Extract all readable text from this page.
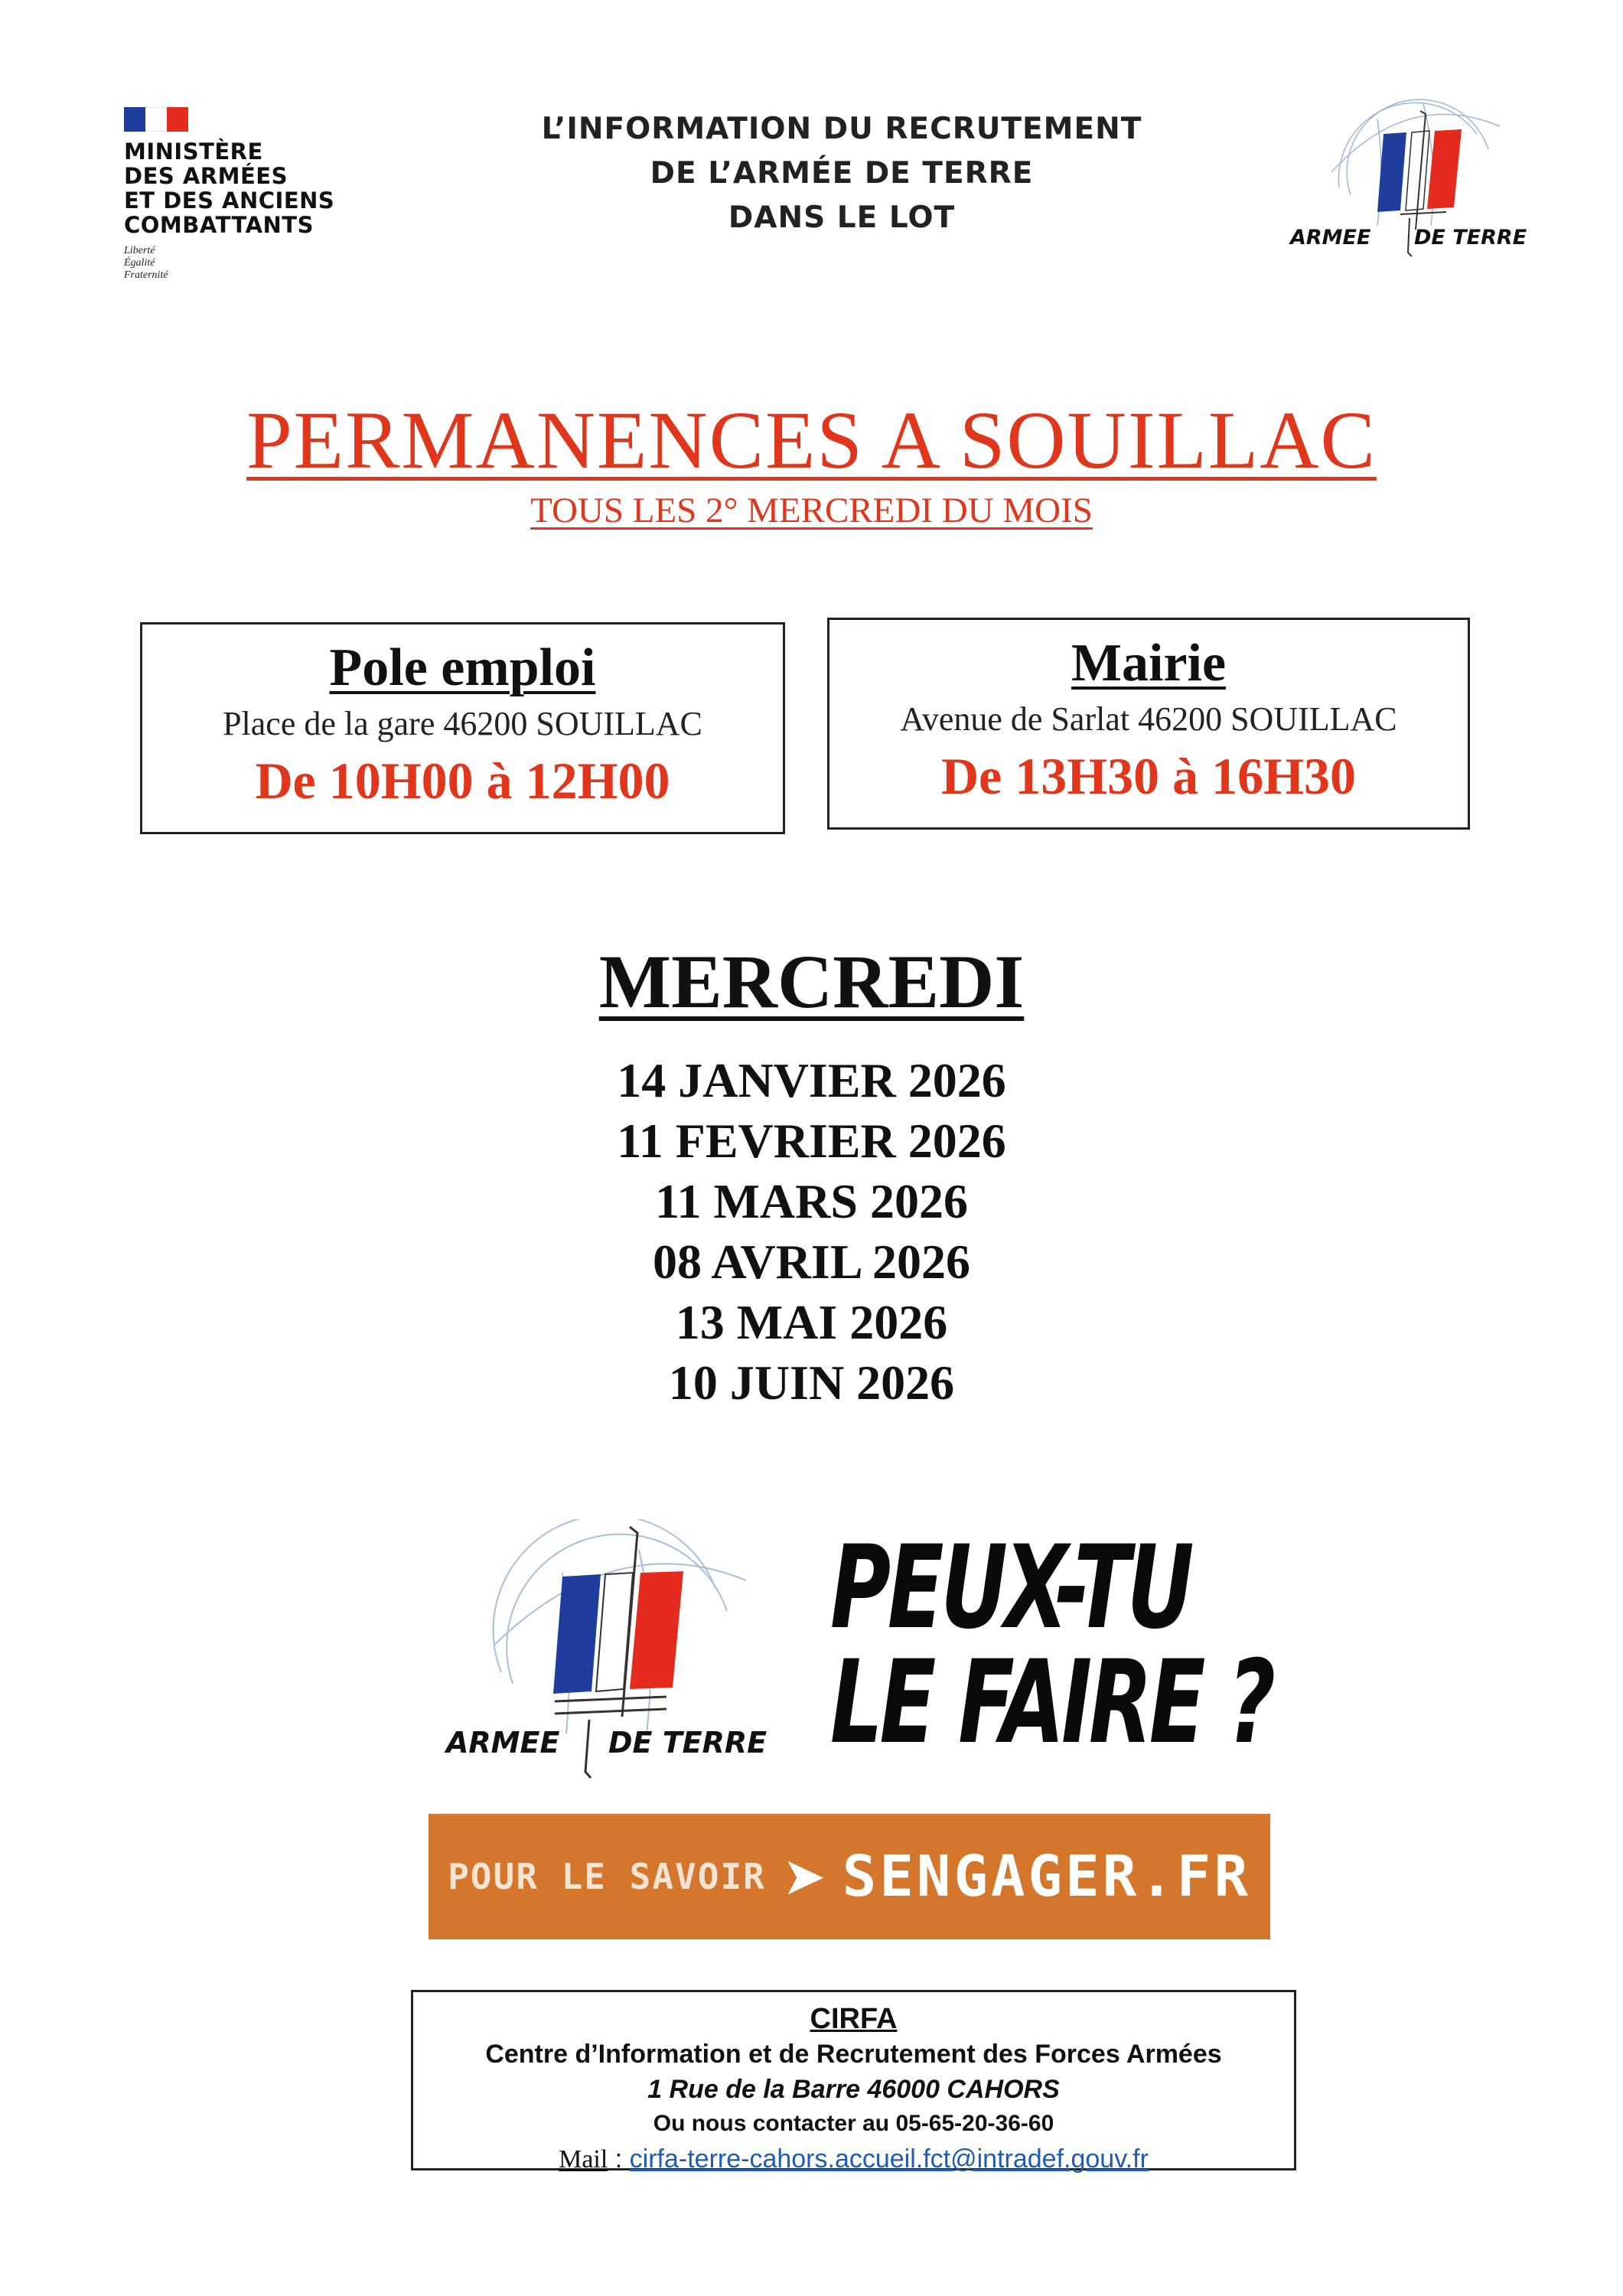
MINISTÈRE
DES ARMÉES
ET DES ANCIENS
COMBATTANTS
Liberté
Égalité
Fraternité
L’INFORMATION DU RECRUTEMENT
DE L’ARMÉE DE TERRE
DANS LE LOT
ARMEE DE TERRE
PERMANENCES A SOUILLAC
TOUS LES 2° MERCREDI DU MOIS
Pole emploi
Place de la gare 46200 SOUILLAC
De 10H00 à 12H00
Mairie
Avenue de Sarlat 46200 SOUILLAC
De 13H30 à 16H30
MERCREDI
14 JANVIER 2026
11 FEVRIER 2026
11 MARS 2026
08 AVRIL 2026
13 MAI 2026
10 JUIN 2026
ARMEE DE TERRE
PEUX-TU
LE FAIRE ?
POUR LE SAVOIR ➤ SENGAGER.FR
CIRFA
Centre d’Information et de Recrutement des Forces Armées
1 Rue de la Barre 46000 CAHORS
Ou nous contacter au 05-65-20-36-60
Mail : cirfa-terre-cahors.accueil.fct@intradef.gouv.fr
